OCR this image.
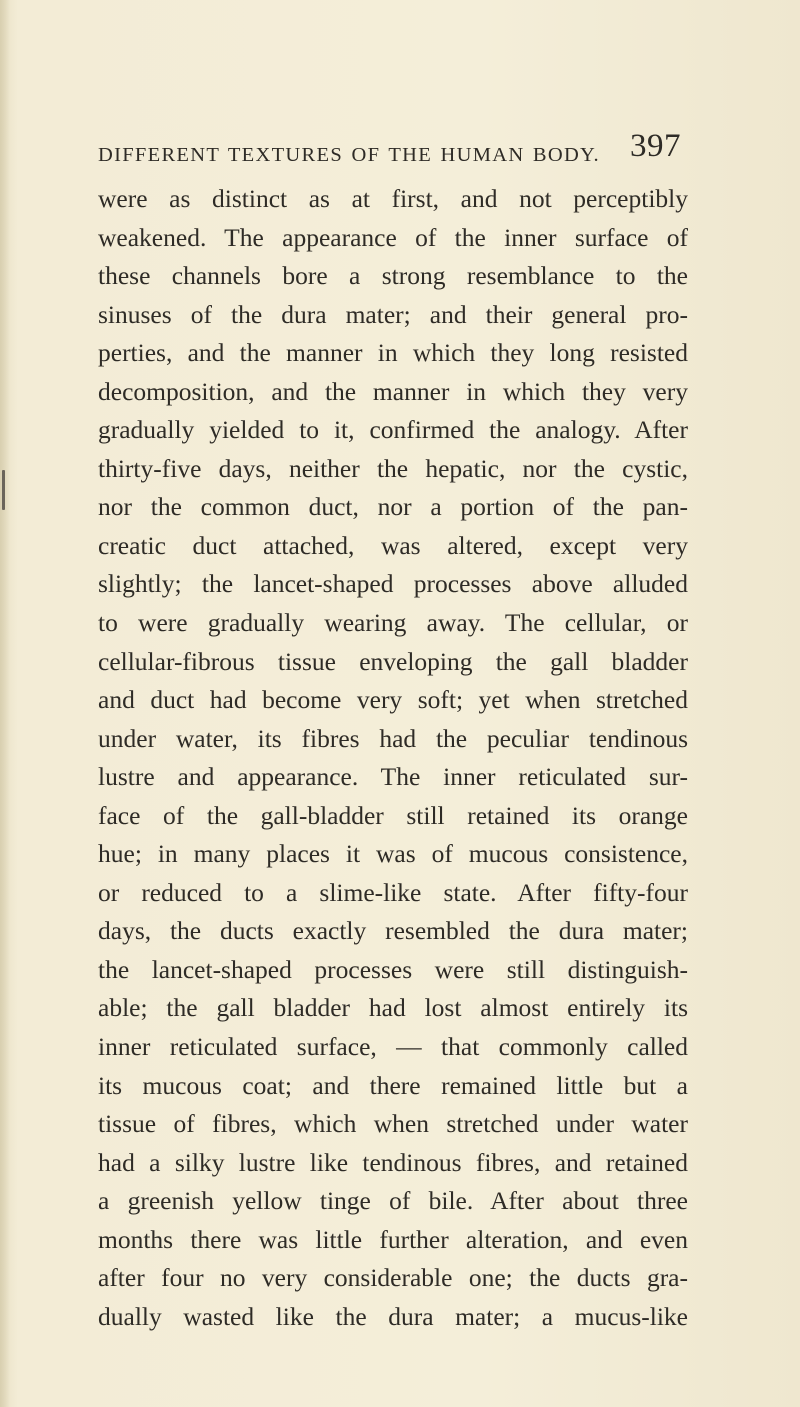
DIFFERENT TEXTURES OF THE HUMAN BODY. 397
were as distinct as at first, and not perceptibly
weakened. The appearance of the inner surface of
these channels bore a strong resemblance to the
sinuses of the dura mater; and their general pro-
perties, and the manner in which they long resisted
decomposition, and the manner in which they very
gradually yielded to it, confirmed the analogy. After
thirty-five days, neither the hepatic, nor the cystic,
nor the common duct, nor a portion of the pan-
creatic duct attached, was altered, except very
slightly; the lancet-shaped processes above alluded
to were gradually wearing away. The cellular, or
cellular-fibrous tissue enveloping the gall bladder
and duct had become very soft; yet when stretched
under water, its fibres had the peculiar tendinous
lustre and appearance. The inner reticulated sur-
face of the gall-bladder still retained its orange
hue; in many places it was of mucous consistence,
or reduced to a slime-like state. After fifty-four
days, the ducts exactly resembled the dura mater;
the lancet-shaped processes were still distinguish-
able; the gall bladder had lost almost entirely its
inner reticulated surface, — that commonly called
its mucous coat; and there remained little but a
tissue of fibres, which when stretched under water
had a silky lustre like tendinous fibres, and retained
a greenish yellow tinge of bile. After about three
months there was little further alteration, and even
after four no very considerable one; the ducts gra-
dually wasted like the dura mater; a mucus-like
